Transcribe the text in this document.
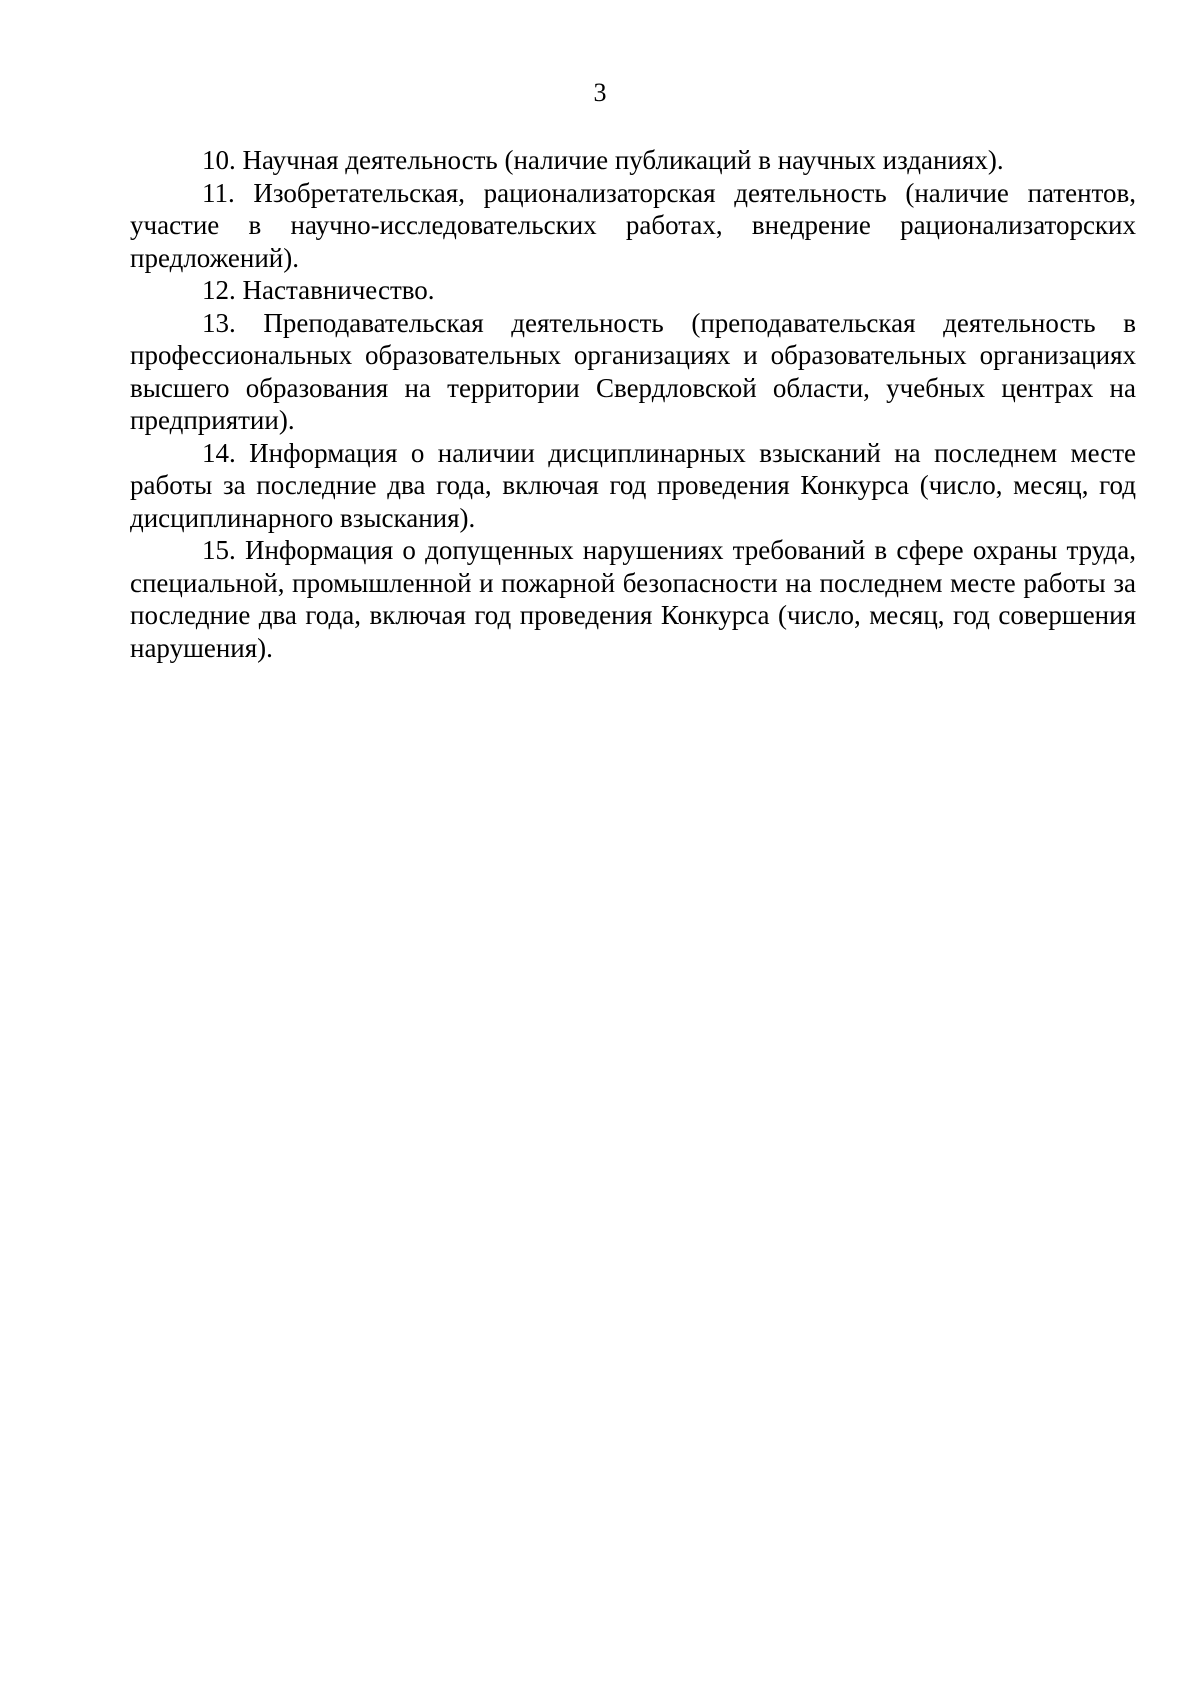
3

10. Научная деятельность (наличие публикаций в научных изданиях).

11. Изобретательская, рационализаторская деятельность (наличие патентов, участие в научно-исследовательских работах, внедрение рационализаторских предложений).

12. Наставничество.

13. Преподавательская деятельность (преподавательская деятельность в профессиональных образовательных организациях и образовательных организациях высшего образования на территории Свердловской области, учебных центрах на предприятии).

14. Информация о наличии дисциплинарных взысканий на последнем месте работы за последние два года, включая год проведения Конкурса (число, месяц, год дисциплинарного взыскания).

15. Информация о допущенных нарушениях требований в сфере охраны труда, специальной, промышленной и пожарной безопасности на последнем месте работы за последние два года, включая год проведения Конкурса (число, месяц, год совершения нарушения).
